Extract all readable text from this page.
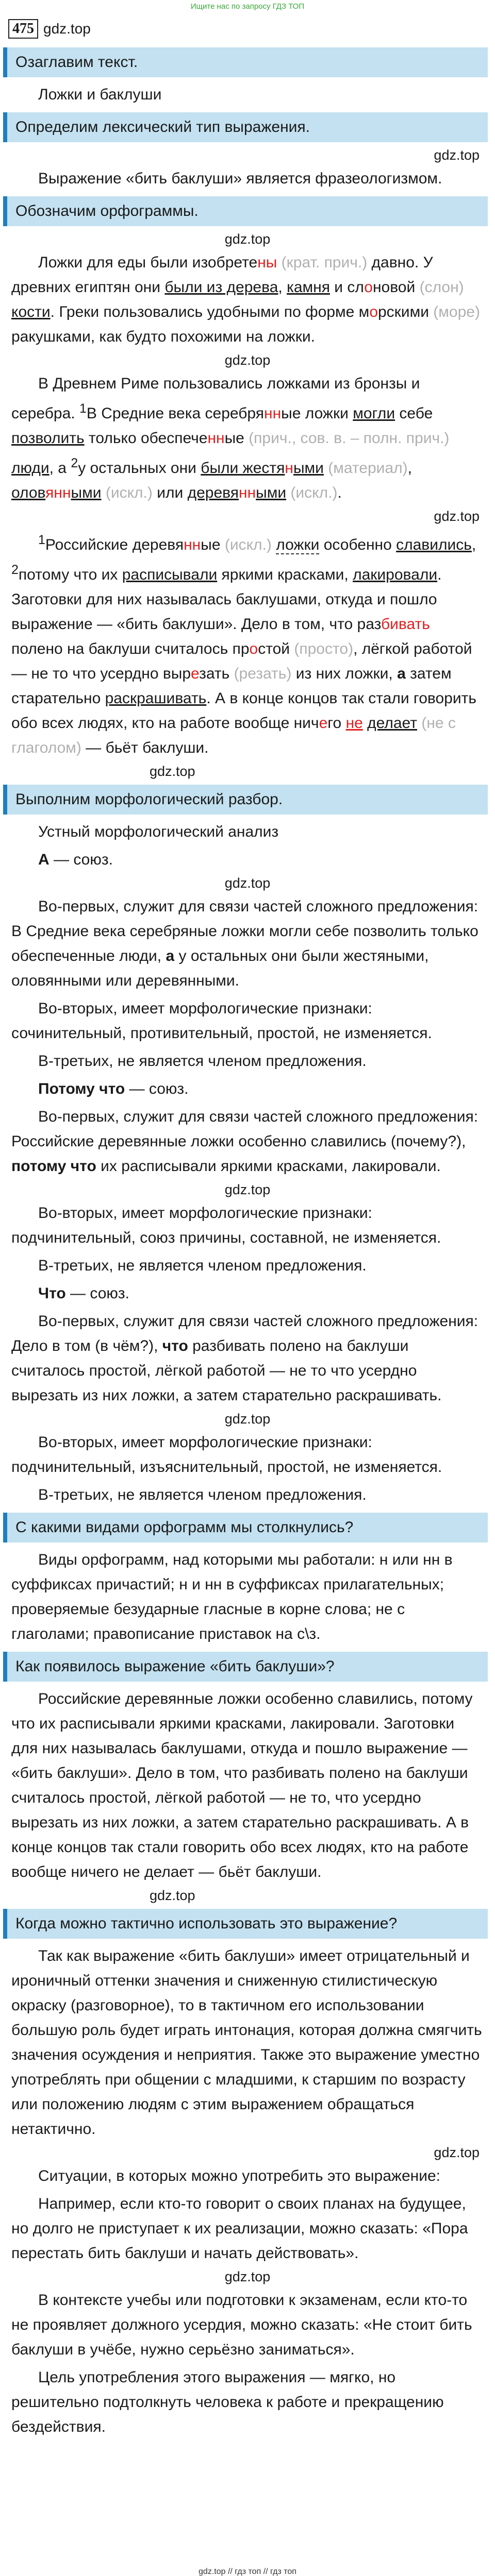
Ищите нас по запросу ГДЗ ТОП
475 gdz.top
Озаглавим текст.
Ложки и баклуши
Определим лексический тип выражения.
gdz.top
Выражение «бить баклуши» является фразеологизмом.
Обозначим орфограммы.
gdz.top
Ложки для еды были изобретены (крат. прич.) давно. У древних египтян они были из дерева, камня и слоновой (слон) кости. Греки пользовались удобными по форме морскими (море) ракушками, как будто похожими на ложки.
gdz.top
В Древнем Риме пользовались ложками из бронзы и серебра. $^1$В Средние века серебрянные ложки могли себе позволить только обеспеченные (прич., сов. в. – полн. прич.) люди, а $^2$у остальных они были жестяными (материал), оловянными (искл.) или деревянными (искл.).
gdz.top
$^1$Российские деревянные (искл.) ложки особенно славились, $^2$потому что их расписывали яркими красками, лакировали. Заготовки для них называлась баклушами, откуда и пошло выражение — «бить баклуши». Дело в том, что разбивать полено на баклуши считалось простой (просто), лёгкой работой — не то что усердно вырезать (резать) из них ложки, а затем старательно раскрашивать. А в конце концов так стали говорить обо всех людях, кто на работе вообще ничего не делает (не с глаголом) — бьёт баклуши.
gdz.top
Выполним морфологический разбор.
Устный морфологический анализ
А — союз.
gdz.top
Во-первых, служит для связи частей сложного предложения: В Средние века серебряные ложки могли себе позволить только обеспеченные люди, а у остальных они были жестяными, оловянными или деревянными.
Во-вторых, имеет морфологические признаки: сочинительный, противительный, простой, не изменяется.
В-третьих, не является членом предложения.
Потому что — союз.
Во-первых, служит для связи частей сложного предложения: Российские деревянные ложки особенно славились (почему?), потому что их расписывали яркими красками, лакировали.
gdz.top
Во-вторых, имеет морфологические признаки: подчинительный, союз причины, составной, не изменяется.
В-третьих, не является членом предложения.
Что — союз.
Во-первых, служит для связи частей сложного предложения: Дело в том (в чём?), что разбивать полено на баклуши считалось простой, лёгкой работой — не то что усердно вырезать из них ложки, а затем старательно раскрашивать.
gdz.top
Во-вторых, имеет морфологические признаки: подчинительный, изъяснительный, простой, не изменяется.
В-третьих, не является членом предложения.
С какими видами орфограмм мы столкнулись?
Виды орфограмм, над которыми мы работали: н или нн в суффиксах причастий; н и нн в суффиксах прилагательных; проверяемые безударные гласные в корне слова; не с глаголами; правописание приставок на с\з.
Как появилось выражение «бить баклуши»?
Российские деревянные ложки особенно славились, потому что их расписывали яркими красками, лакировали. Заготовки для них называлась баклушами, откуда и пошло выражение — «бить баклуши». Дело в том, что разбивать полено на баклуши считалось простой, лёгкой работой — не то, что усердно вырезать из них ложки, а затем старательно раскрашивать. А в конце концов так стали говорить обо всех людях, кто на работе вообще ничего не делает — бьёт баклуши.
gdz.top
Когда можно тактично использовать это выражение?
Так как выражение «бить баклуши» имеет отрицательный и ироничный оттенки значения и сниженную стилистическую окраску (разговорное), то в тактичном его использовании большую роль будет играть интонация, которая должна смягчить значения осуждения и неприятия. Также это выражение уместно употреблять при общении с младшими, к старшим по возрасту или положению людям с этим выражением обращаться нетактично.
gdz.top
Ситуации, в которых можно употребить это выражение:
Например, если кто-то говорит о своих планах на будущее, но долго не приступает к их реализации, можно сказать: «Пора перестать бить баклуши и начать действовать».
gdz.top
В контексте учебы или подготовки к экзаменам, если кто-то не проявляет должного усердия, можно сказать: «Не стоит бить баклуши в учёбе, нужно серьёзно заниматься».
Цель употребления этого выражения — мягко, но решительно подтолкнуть человека к работе и прекращению бездействия.
gdz.top // гдз топ // гдз топ
